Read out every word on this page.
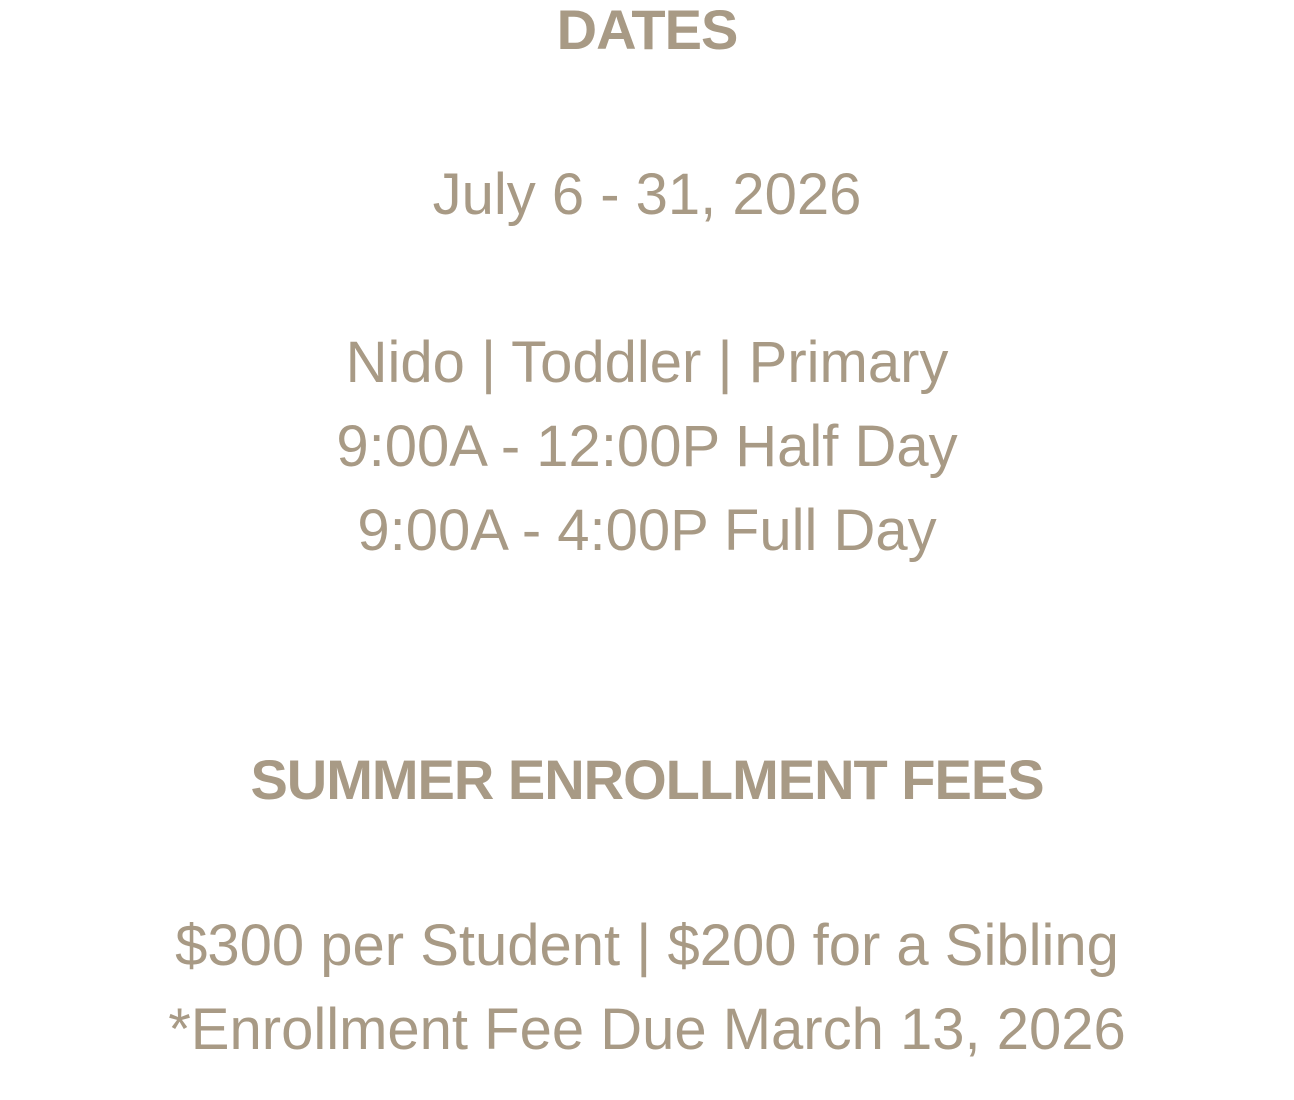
DATES
July 6 - 31, 2026
Nido | Toddler | Primary
9:00A - 12:00P Half Day
9:00A - 4:00P Full Day
SUMMER ENROLLMENT FEES
$300 per Student | $200 for a Sibling
*Enrollment Fee Due March 13, 2026
